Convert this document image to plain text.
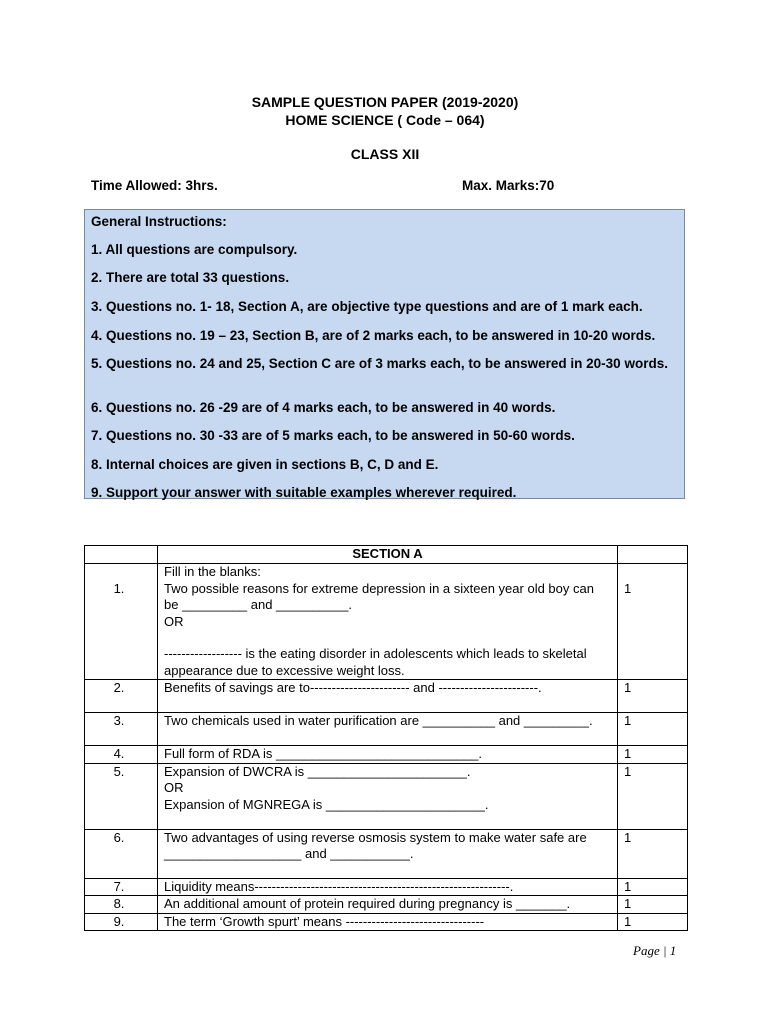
SAMPLE QUESTION PAPER (2019-2020)
HOME SCIENCE ( Code – 064)
CLASS XII
Time Allowed: 3hrs.	Max. Marks:70
General Instructions:
1. All questions are compulsory.
2. There are total 33 questions.
3. Questions no. 1- 18, Section A, are objective type questions and are of 1 mark each.
4. Questions no. 19 – 23, Section B, are of 2 marks each, to be answered in 10-20 words.
5. Questions no. 24 and 25, Section C are of 3 marks each, to be answered in 20-30 words.
6. Questions no. 26 -29 are of 4 marks each, to be answered in 40 words.
7. Questions no. 30 -33 are of 5 marks each, to be answered in 50-60 words.
8. Internal choices are given in sections B, C, D and E.
9. Support your answer with suitable examples wherever required.
	SECTION A	
1.	Fill in the blanks:
Two possible reasons for extreme depression in a sixteen year old boy can be _________ and __________.
OR
------------------ is the eating disorder in adolescents which leads to skeletal appearance due to excessive weight loss.	1
2.	Benefits of savings are to----------------------- and -----------------------.	1
3.	Two chemicals used in water purification are __________ and _________.	1
4.	Full form of RDA is ____________________________.	1
5.	Expansion of DWCRA is ______________________.
OR
Expansion of MGNREGA is ______________________.	1
6.	Two advantages of using reverse osmosis system to make water safe are ___________________ and ___________.	1
7.	Liquidity means-----------------------------------------------------------.	1
8.	An additional amount of protein required during pregnancy is _______.	1
9.	The term ‘Growth spurt’ means --------------------------------	1
Page | 1
